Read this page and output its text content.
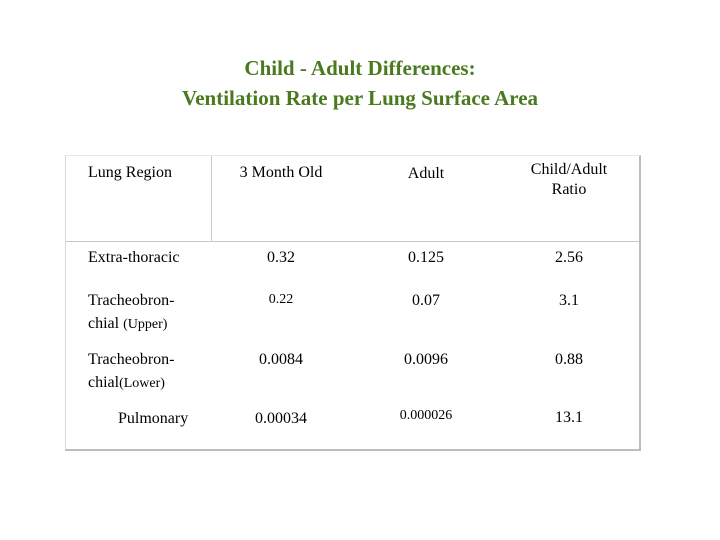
Child - Adult Differences:
Ventilation Rate per Lung Surface Area
Lung Region	3 Month Old	Adult	Child/Adult
Ratio
Extra-thoracic	0.32	0.125	2.56
Tracheobron-
chial (Upper)
0.22	0.07	3.1
Tracheobron-
chial(Lower)
0.0084	0.0096	0.88
Pulmonary	0.00034	0.000026	13.1
